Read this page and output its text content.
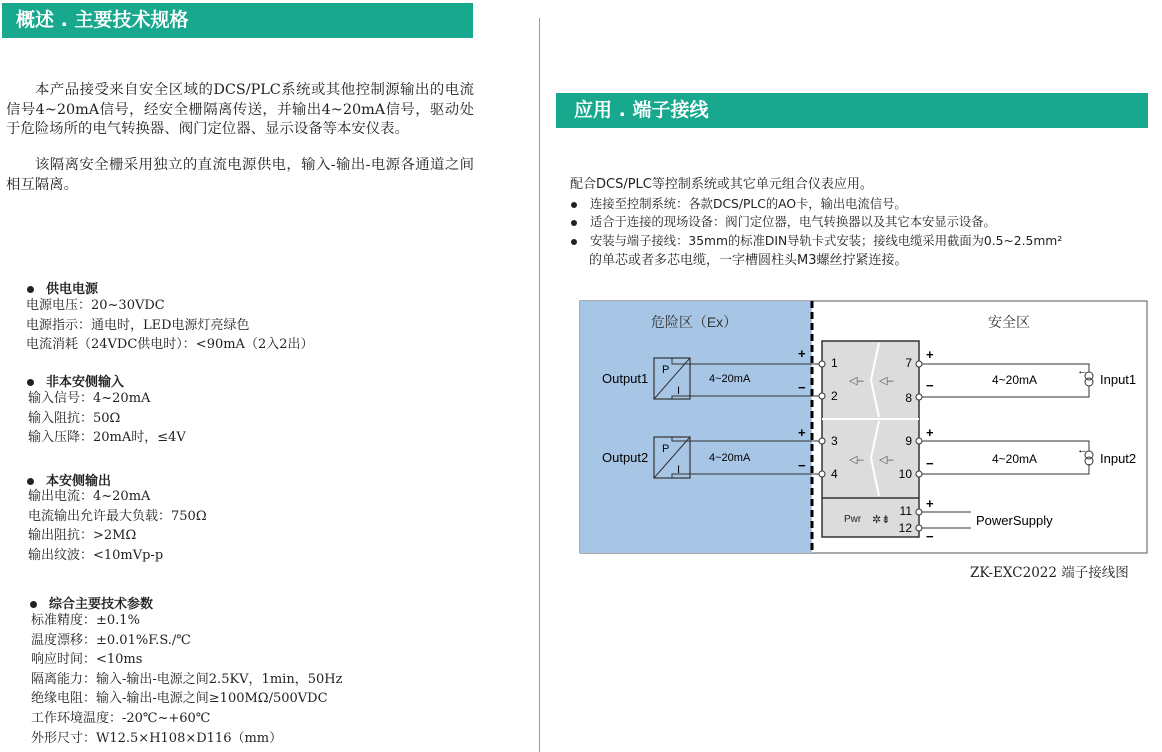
概述 . 主要技术规格
本产品接受来自安全区域的DCS/PLC系统或其他控制源输出的电流信号4~20mA信号，经安全栅隔离传送，并输出4~20mA信号，驱动处于危险场所的电气转换器、阀门定位器、显示设备等本安仪表。
该隔离安全栅采用独立的直流电源供电，输入-输出-电源各通道之间相互隔离。
供电电源
电源电压：20~30VDC
电源指示：通电时，LED电源灯亮绿色
电流消耗（24VDC供电时）：<90mA（2入2出）
非本安侧输入
输入信号：4~20mA
输入阻抗：50Ω
输入压降：20mA时，≤4V
本安侧输出
输出电流：4~20mA
电流输出允许最大负载：750Ω
输出阻抗：>2MΩ
输出纹波：<10mVp-p
综合主要技术参数
标准精度：±0.1%
温度漂移：±0.01%F.S./℃
响应时间：<10ms
隔离能力：输入-输出-电源之间2.5KV，1min，50Hz
绝缘电阻：输入-输出-电源之间≥100MΩ/500VDC
工作环境温度：-20℃~+60℃
外形尺寸：W12.5×H108×D116（mm）
应用 . 端子接线
配合DCS/PLC等控制系统或其它单元组合仪表应用。
连接至控制系统：各款DCS/PLC的AO卡，输出电流信号。
适合于连接的现场设备：阀门定位器，电气转换器以及其它本安显示设备。
安装与端子接线：35mm的标准DIN导轨卡式安装；接线电缆采用截面为0.5~2.5mm²
的单芯或者多芯电缆，一字槽圆柱头M3螺丝拧紧连接。
危险区（Ex）	安全区
◁– ◁–
◁– ◁–
Pwr ✲⇟
1
2
3
4
7
8
9
10
11
12
P
I
4~20mA
Output1
+
−
P
I
4~20mA
Output2
+
−
←
Input1
4~20mA
+
−
←
Input2
4~20mA
+
−
PowerSupply
+
−
ZK-EXC2022 端子接线图
